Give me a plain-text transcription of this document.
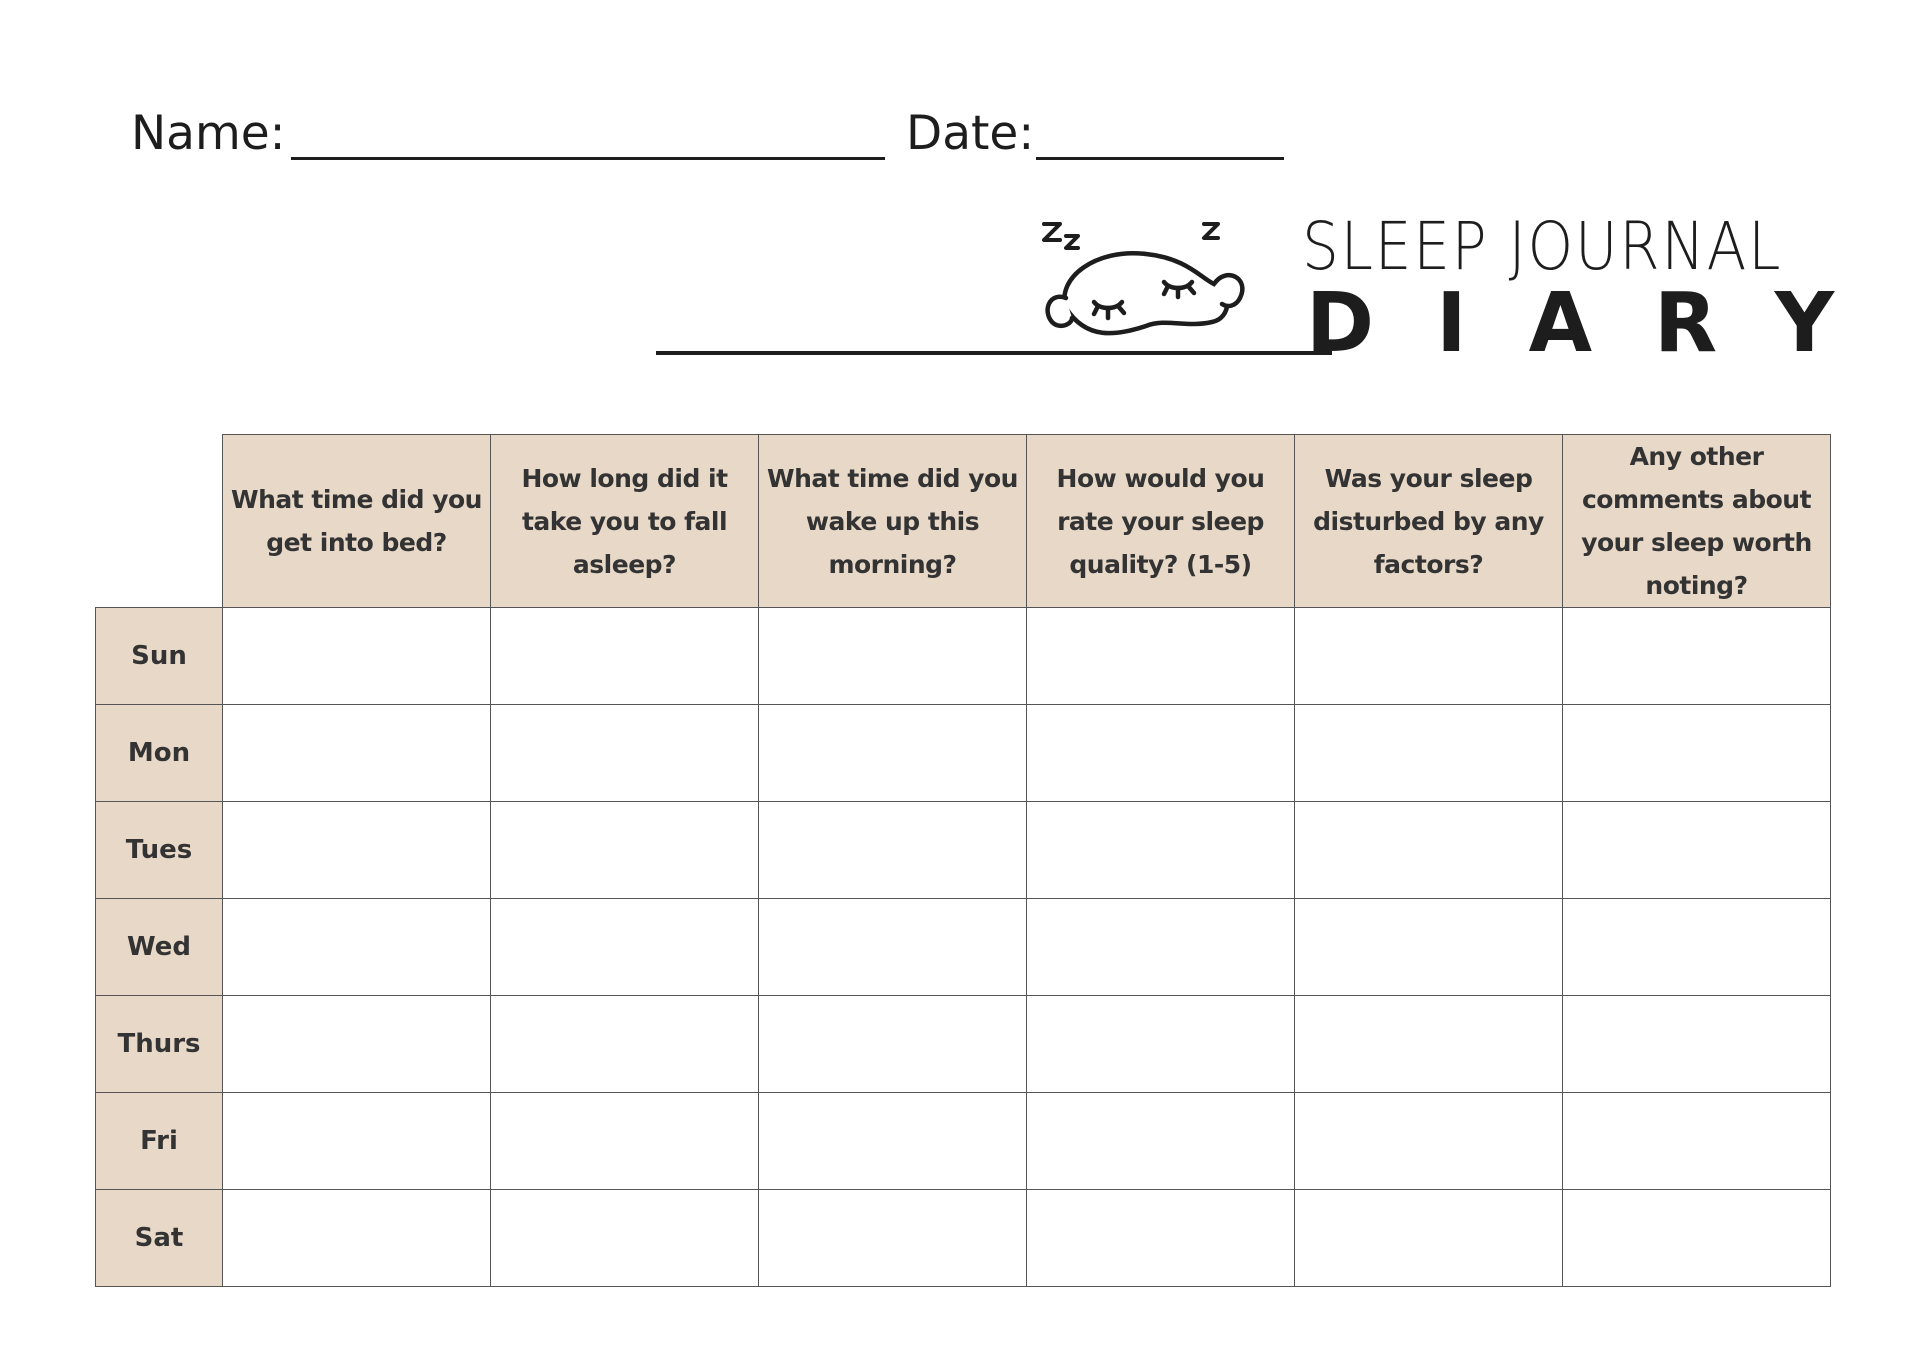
Name:	Date:
SLEEP JOURNAL
DIARY
	What time did you get into bed?	How long did it take you to fall asleep?	What time did you wake up this morning?	How would you rate your sleep quality? (1-5)	Was your sleep disturbed by any factors?	Any other comments about your sleep worth noting?
Sun						
Mon						
Tues						
Wed						
Thurs						
Fri						
Sat						
